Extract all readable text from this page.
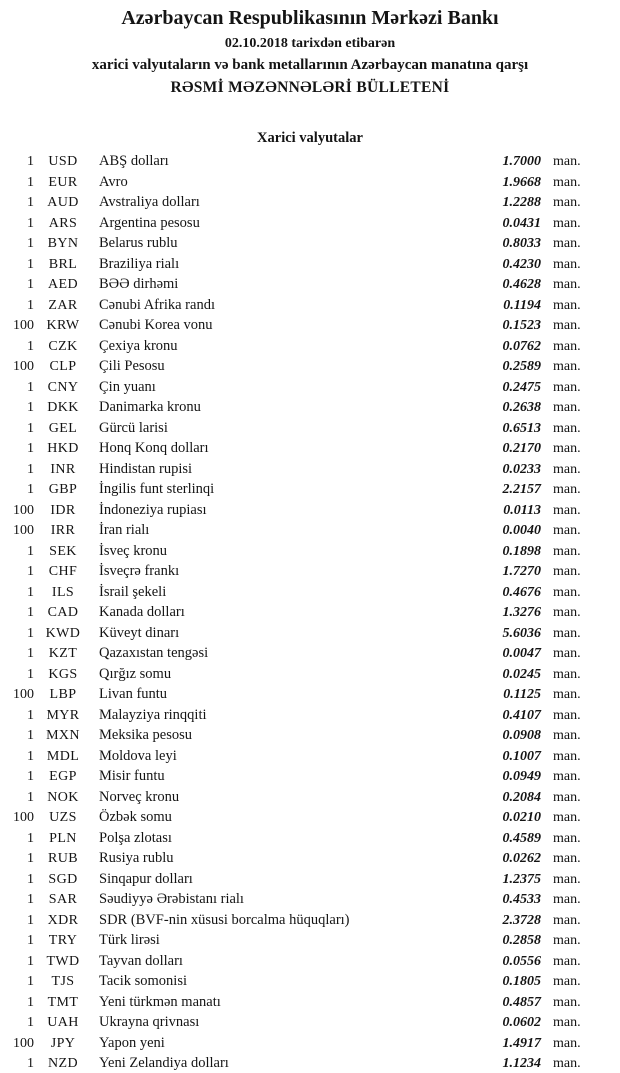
Azərbaycan Respublikasının Mərkəzi Bankı
02.10.2018 tarixdən etibarən
xarici valyutaların və bank metallarının Azərbaycan manatına qarşı
RƏSMİ MƏZƏNNƏLƏRİ BÜLLETENİ
Xarici valyutalar
1	USD	ABŞ dolları	1.7000 man.
1	EUR	Avro	1.9668 man.
1 AUD	Avstraliya dolları	1.2288 man.
1	ARS	Argentina pesosu	0.0431 man.
1 BYN	Belarus rublu	0.8033 man.
1	BRL	Braziliya rialı	0.4230 man.
1	AED	BƏƏ dirhəmi	0.4628 man.
1	ZAR	Cənubi Afrika randı	0.1194 man.
100 KRW	Cənubi Korea vonu	0.1523 man.
1	CZK	Çexiya kronu	0.0762 man.
100	CLP	Çili Pesosu	0.2589 man.
1 CNY	Çin yuanı	0.2475 man.
1 DKK	Danimarka kronu	0.2638 man.
1	GEL	Gürcü larisi	0.6513 man.
1 HKD	Honq Konq dolları	0.2170 man.
1	INR	Hindistan rupisi	0.0233 man.
1	GBP	İngilis funt sterlinqi	2.2157 man.
100	IDR	İndoneziya rupiası	0.0113 man.
100	IRR	İran rialı	0.0040 man.
1	SEK	İsveç kronu	0.1898 man.
1	CHF	İsveçrə frankı	1.7270 man.
1	ILS	İsrail şekeli	0.4676 man.
1 CAD	Kanada dolları	1.3276 man.
1 KWD	Küveyt dinarı	5.6036 man.
1	KZT	Qazaxıstan tengəsi	0.0047 man.
1	KGS	Qırğız somu	0.0245 man.
100	LBP	Livan funtu	0.1125 man.
1 MYR	Malayziya rinqqiti	0.4107 man.
1 MXN	Meksika pesosu	0.0908 man.
1 MDL	Moldova leyi	0.1007 man.
1	EGP	Misir funtu	0.0949 man.
1 NOK	Norveç kronu	0.2084 man.
100	UZS	Özbək somu	0.0210 man.
1	PLN	Polşa zlotası	0.4589 man.
1	RUB	Rusiya rublu	0.0262 man.
1	SGD	Sinqapur dolları	1.2375 man.
1	SAR	Səudiyyə Ərəbistanı rialı	0.4533 man.
1 XDR	SDR (BVF-nin xüsusi borcalma hüquqları)	2.3728 man.
1	TRY	Türk lirəsi	0.2858 man.
1 TWD	Tayvan dolları	0.0556 man.
1	TJS	Tacik somonisi	0.1805 man.
1 TMT	Yeni türkmən manatı	0.4857 man.
1 UAH	Ukrayna qrivnası	0.0602 man.
100	JPY	Yapon yeni	1.4917 man.
1	NZD	Yeni Zelandiya dolları	1.1234 man.
